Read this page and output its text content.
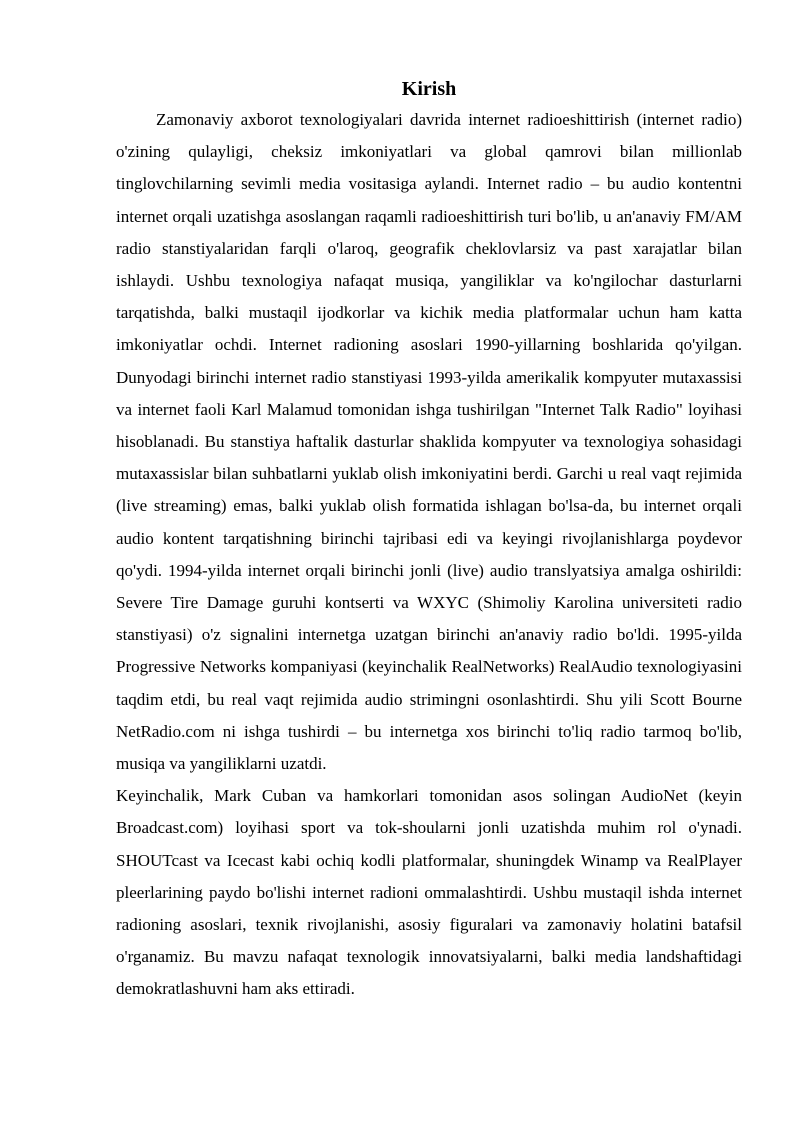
Kirish

Zamonaviy axborot texnologiyalari davrida internet radioeshittirish (internet radio) o'zining qulayligi, cheksiz imkoniyatlari va global qamrovi bilan millionlab tinglovchilarning sevimli media vositasiga aylandi. Internet radio – bu audio kontentni internet orqali uzatishga asoslangan raqamli radioeshittirish turi bo'lib, u an'anaviy FM/AM radio stanstiyalaridan farqli o'laroq, geografik cheklovlarsiz va past xarajatlar bilan ishlaydi. Ushbu texnologiya nafaqat musiqa, yangiliklar va ko'ngilochar dasturlarni tarqatishda, balki mustaqil ijodkorlar va kichik media platformalar uchun ham katta imkoniyatlar ochdi. Internet radioning asoslari 1990-yillarning boshlarida qo'yilgan. Dunyodagi birinchi internet radio stanstiyasi 1993-yilda amerikalik kompyuter mutaxassisi va internet faoli Karl Malamud tomonidan ishga tushirilgan "Internet Talk Radio" loyihasi hisoblanadi. Bu stanstiya haftalik dasturlar shaklida kompyuter va texnologiya sohasidagi mutaxassislar bilan suhbatlarni yuklab olish imkoniyatini berdi. Garchi u real vaqt rejimida (live streaming) emas, balki yuklab olish formatida ishlagan bo'lsa-da, bu internet orqali audio kontent tarqatishning birinchi tajribasi edi va keyingi rivojlanishlarga poydevor qo'ydi. 1994-yilda internet orqali birinchi jonli (live) audio translyatsiya amalga oshirildi: Severe Tire Damage guruhi kontserti va WXYC (Shimoliy Karolina universiteti radio stanstiyasi) o'z signalini internetga uzatgan birinchi an'anaviy radio bo'ldi. 1995-yilda Progressive Networks kompaniyasi (keyinchalik RealNetworks) RealAudio texnologiyasini taqdim etdi, bu real vaqt rejimida audio strimingni osonlashtirdi. Shu yili Scott Bourne NetRadio.com ni ishga tushirdi – bu internetga xos birinchi to'liq radio tarmoq bo'lib, musiqa va yangiliklarni uzatdi.

Keyinchalik, Mark Cuban va hamkorlari tomonidan asos solingan AudioNet (keyin Broadcast.com) loyihasi sport va tok-shoularni jonli uzatishda muhim rol o'ynadi. SHOUTcast va Icecast kabi ochiq kodli platformalar, shuningdek Winamp va RealPlayer pleerlarining paydo bo'lishi internet radioni ommalashtirdi. Ushbu mustaqil ishda internet radioning asoslari, texnik rivojlanishi, asosiy figuralari va zamonaviy holatini batafsil o'rganamiz. Bu mavzu nafaqat texnologik innovatsiyalarni, balki media landshaftidagi demokratlashuvni ham aks ettiradi.
